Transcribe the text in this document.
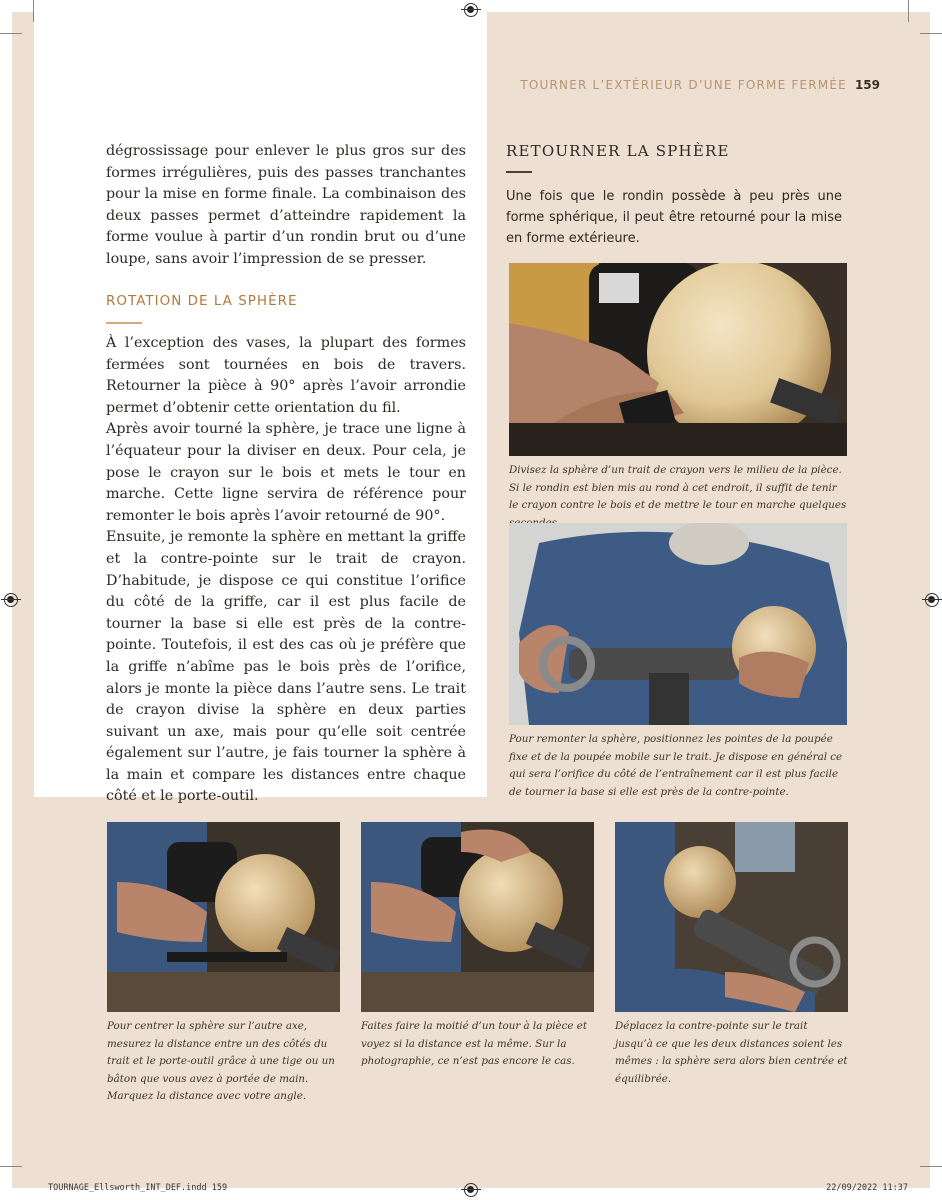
TOURNER L’EXTÉRIEUR D’UNE FORME FERMÉE 159

dégrossissage pour enlever le plus gros sur des formes irrégulières, puis des passes tranchantes pour la mise en forme finale. La combinaison des deux passes permet d’atteindre rapidement la forme voulue à partir d’un rondin brut ou d’une loupe, sans avoir l’impression de se presser.

ROTATION DE LA SPHÈRE

À l’exception des vases, la plupart des formes fermées sont tournées en bois de travers. Retourner la pièce à 90° après l’avoir arrondie permet d’obtenir cette orientation du fil.

Après avoir tourné la sphère, je trace une ligne à l’équateur pour la diviser en deux. Pour cela, je pose le crayon sur le bois et mets le tour en marche. Cette ligne servira de référence pour remonter le bois après l’avoir retourné de 90°.

Ensuite, je remonte la sphère en mettant la griffe et la contre-pointe sur le trait de crayon. D’habitude, je dispose ce qui constitue l’orifice du côté de la griffe, car il est plus facile de tourner la base si elle est près de la contre-pointe. Toutefois, il est des cas où je préfère que la griffe n’abîme pas le bois près de l’orifice, alors je monte la pièce dans l’autre sens. Le trait de crayon divise la sphère en deux parties suivant un axe, mais pour qu’elle soit centrée également sur l’autre, je fais tourner la sphère à la main et compare les distances entre chaque côté et le porte-outil.

RETOURNER LA SPHÈRE
Une fois que le rondin possède à peu près une forme sphérique, il peut être retourné pour la mise en forme extérieure.
Divisez la sphère d’un trait de crayon vers le milieu de la pièce. Si le rondin est bien mis au rond à cet endroit, il suffit de tenir le crayon contre le bois et de mettre le tour en marche quelques
Pour remonter la sphère, positionnez les pointes de la poupée fixe et de la poupée mobile sur le trait. Je dispose en général ce qui sera l’orifice du côté de l’entraînement car il est plus facile de tourner la base si elle est près de la contre-pointe.
Pour centrer la sphère sur l’autre axe, mesurez la distance entre un des côtés du trait et le porte-outil grâce à une tige ou un bâton que vous avez à portée de main. Marquez la distance avec votre angle.
Faites faire la moitié d’un tour à la pièce et voyez si la distance est la même. Sur la photographie, ce n’est pas encore le cas.
Déplacez la contre-pointe sur le trait jusqu’à ce que les deux distances soient les mêmes : la sphère sera alors bien centrée et équilibrée.
TOURNAGE_Ellsworth_INT_DEF.indd 159	22/09/2022 11:37
